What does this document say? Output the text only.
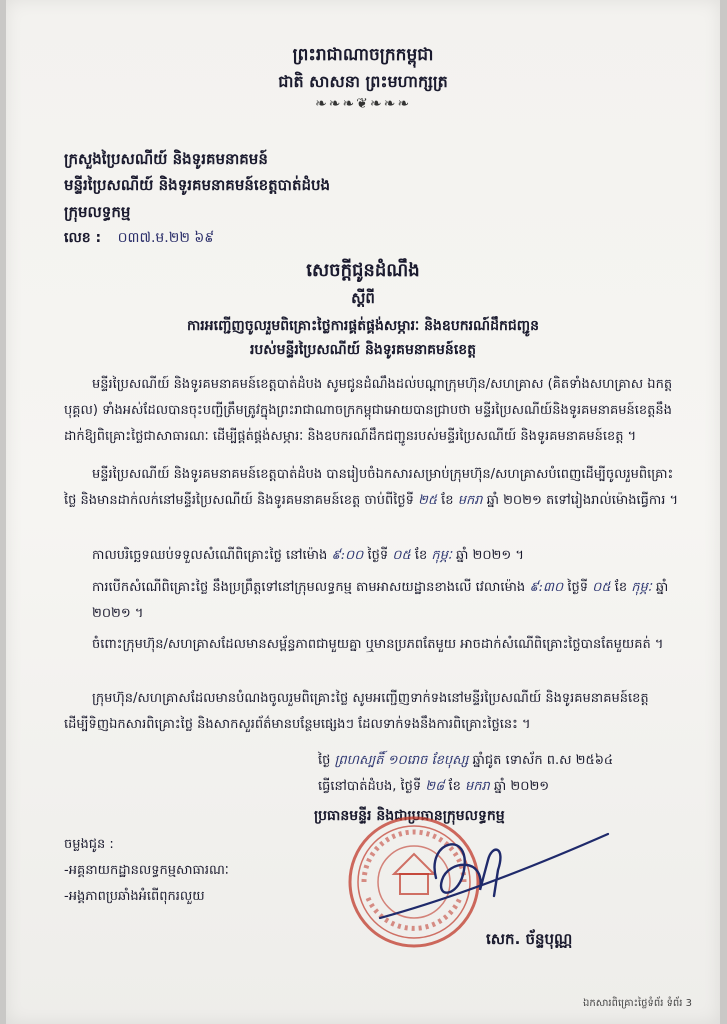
ព្រះរាជាណាចក្រកម្ពុជា
ជាតិ សាសនា ព្រះមហាក្សត្រ
❧❧❧❦❧❧❧
ក្រសួងប្រៃសណីយ៍ និងទូរគមនាគមន៍
មន្ទីរប្រៃសណីយ៍ និងទូរគមនាគមន៍ខេត្តបាត់ដំបង
ក្រុមលទ្ធកម្ម
លេខ : ០៣៧.ម.២២ ៦៩
សេចក្តីជូនដំណឹង
ស្តីពី
ការអញ្ជើញចូលរួមពិគ្រោះថ្លៃការផ្គត់ផ្គង់សម្ភារៈ និងឧបករណ៍ដឹកជញ្ជូន
របស់មន្ទីរប្រៃសណីយ៍ និងទូរគមនាគមន៍ខេត្ត
មន្ទីរប្រៃសណីយ៍ និងទូរគមនាគមន៍ខេត្តបាត់ដំបង សូមជូនដំណឹងដល់បណ្តាក្រុមហ៊ុន/សហគ្រាស (គិតទាំងសហគ្រាស ឯកត្តបុគ្គល) ទាំងអស់ដែលបានចុះបញ្ជីត្រឹមត្រូវក្នុងព្រះរាជាណាចក្រកម្ពុជាអោយបានជ្រាបថា មន្ទីរប្រៃសណីយ៍និងទូរគមនាគមន៍ខេត្តនឹងដាក់ឱ្យពិគ្រោះថ្លៃជាសាធារណៈ ដើម្បីផ្គត់ផ្គង់សម្ភារៈ និងឧបករណ៍ដឹកជញ្ជូនរបស់មន្ទីរប្រៃសណីយ៍ និងទូរគមនាគមន៍ខេត្ត ។
មន្ទីរប្រៃសណីយ៍ និងទូរគមនាគមន៍ខេត្តបាត់ដំបង បានរៀបចំឯកសារសម្រាប់ក្រុមហ៊ុន/សហគ្រាសបំពេញដើម្បីចូលរួមពិគ្រោះថ្លៃ និងមានដាក់លក់នៅមន្ទីរប្រៃសណីយ៍ និងទូរគមនាគមន៍ខេត្ត ចាប់ពីថ្ងៃទី ២៥ ខែ មករា ឆ្នាំ ២០២១ តទៅរៀងរាល់ម៉ោងធ្វើការ ។
កាលបរិច្ឆេទឈប់ទទួលសំណើពិគ្រោះថ្លៃ នៅម៉ោង ៩:០០ ថ្ងៃទី ០៥ ខែ កុម្ភៈ ឆ្នាំ ២០២១ ។
ការបើកសំណើពិគ្រោះថ្លៃ នឹងប្រព្រឹត្តទៅនៅក្រុមលទ្ធកម្ម តាមអាសយដ្ឋានខាងលើ វេលាម៉ោង ៩:៣០ ថ្ងៃទី ០៥ ខែ កុម្ភៈ ឆ្នាំ ២០២១ ។
ចំពោះក្រុមហ៊ុន/សហគ្រាសដែលមានសម្ព័ន្ធភាពជាមួយគ្នា ឬមានប្រភពតែមួយ អាចដាក់សំណើពិគ្រោះថ្លៃបានតែមួយគត់ ។
ក្រុមហ៊ុន/សហគ្រាសដែលមានបំណងចូលរួមពិគ្រោះថ្លៃ សូមអញ្ជើញទាក់ទងនៅមន្ទីរប្រៃសណីយ៍ និងទូរគមនាគមន៍ខេត្ត ដើម្បីទិញឯកសារពិគ្រោះថ្លៃ និងសាកសួរព័ត៌មានបន្ថែមផ្សេងៗ ដែលទាក់ទងនឹងការពិគ្រោះថ្លៃនេះ ។
ថ្ងៃ ព្រហស្បតិ៍ ១០រោច ខែបុស្ស ឆ្នាំជូត ទោស័ក ព.ស ២៥៦៤
ធ្វើនៅបាត់ដំបង, ថ្ងៃទី ២៨ ខែ មករា ឆ្នាំ ២០២១
ប្រធានមន្ទីរ និងជាប្រធានក្រុមលទ្ធកម្ម
ចម្លងជូន :
-អគ្គនាយកដ្ឋានលទ្ធកម្មសាធារណៈ
-អង្គភាពប្រឆាំងអំពើពុករលួយ
សេក. ច័ន្ទបុណ្ណ
ឯកសារពិគ្រោះថ្លៃទំព័រ ទំព័រ 3
